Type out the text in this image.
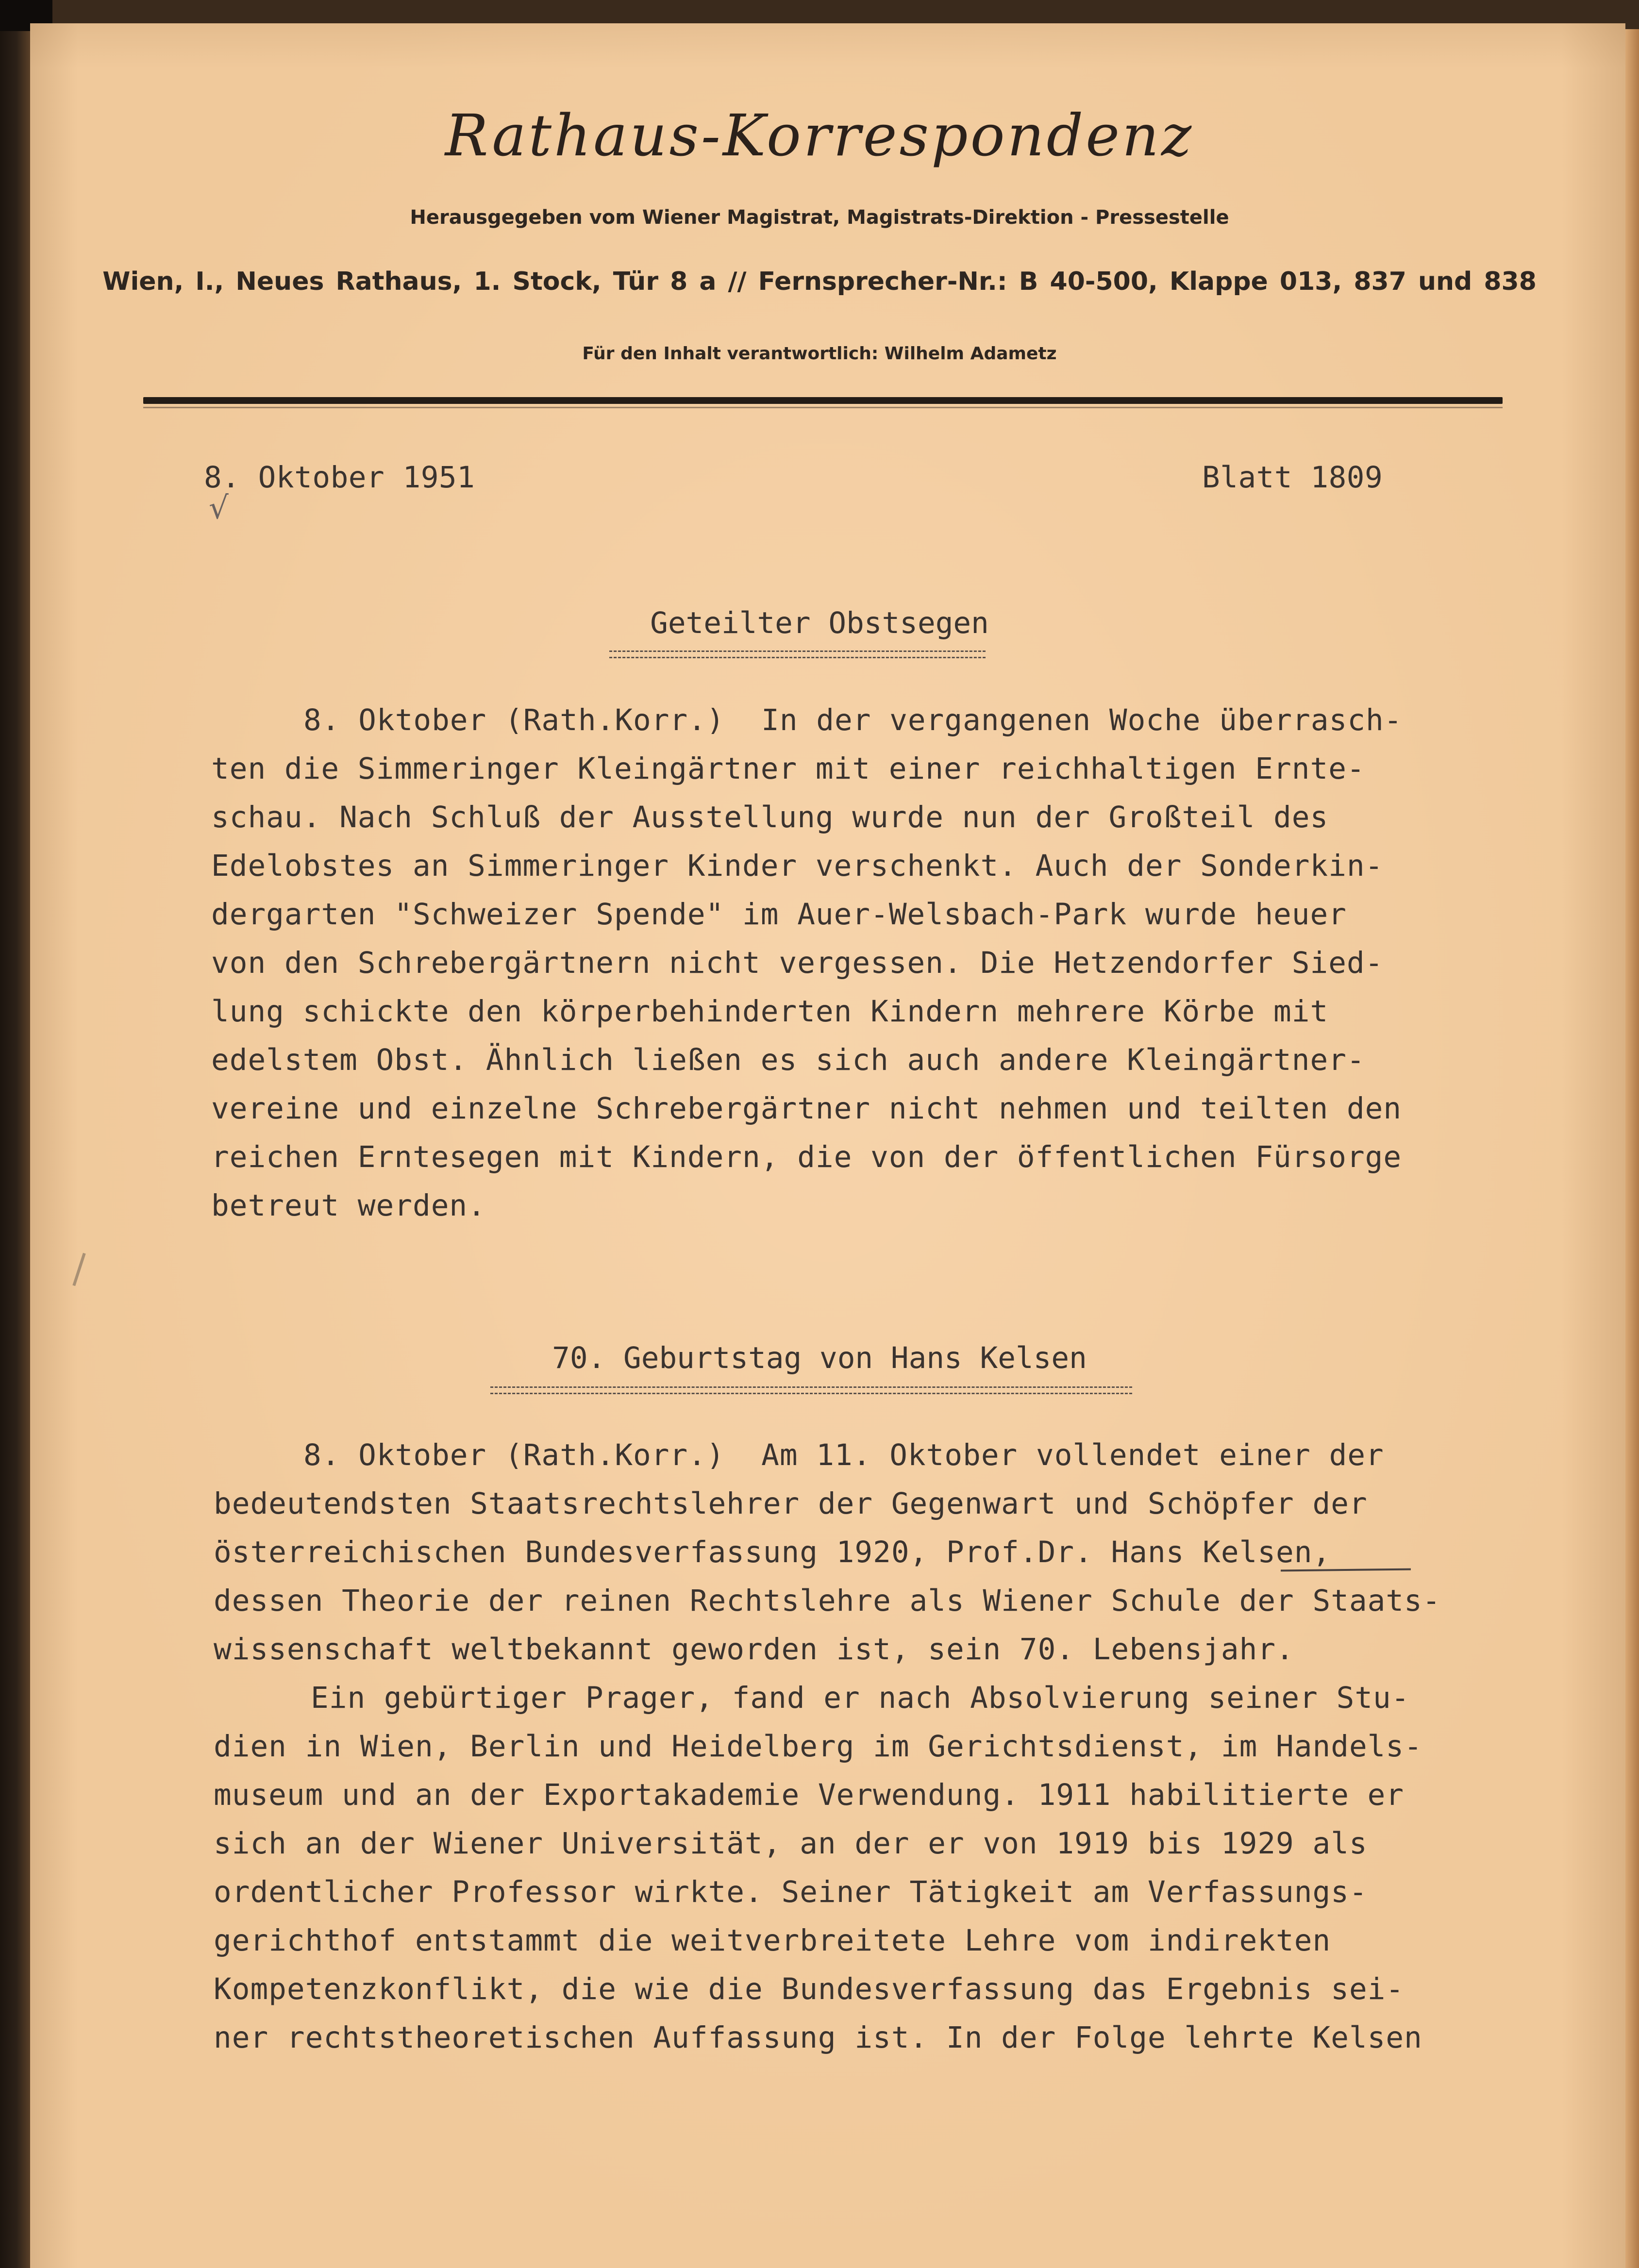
Rathaus-Korrespondenz
Herausgegeben vom Wiener Magistrat, Magistrats-Direktion - Pressestelle
Wien, I., Neues Rathaus, 1. Stock, Tür 8 a // Fernsprecher-Nr.: B 40-500, Klappe 013, 837 und 838
Für den Inhalt verantwortlich: Wilhelm Adametz
8. Oktober 1951	Blatt 1809
√
Geteilter Obstsegen
8. Oktober (Rath.Korr.)  In der vergangenen Woche überrasch-
ten die Simmeringer Kleingärtner mit einer reichhaltigen Ernte-
schau. Nach Schluß der Ausstellung wurde nun der Großteil des
Edelobstes an Simmeringer Kinder verschenkt. Auch der Sonderkin-
dergarten "Schweizer Spende" im Auer-Welsbach-Park wurde heuer
von den Schrebergärtnern nicht vergessen. Die Hetzendorfer Sied-
lung schickte den körperbehinderten Kindern mehrere Körbe mit
edelstem Obst. Ähnlich ließen es sich auch andere Kleingärtner-
vereine und einzelne Schrebergärtner nicht nehmen und teilten den
reichen Erntesegen mit Kindern, die von der öffentlichen Fürsorge
betreut werden.
70. Geburtstag von Hans Kelsen
8. Oktober (Rath.Korr.)  Am 11. Oktober vollendet einer der
bedeutendsten Staatsrechtslehrer der Gegenwart und Schöpfer der
österreichischen Bundesverfassung 1920, Prof.Dr. Hans Kelsen,
dessen Theorie der reinen Rechtslehre als Wiener Schule der Staats-
wissenschaft weltbekannt geworden ist, sein 70. Lebensjahr.
Ein gebürtiger Prager, fand er nach Absolvierung seiner Stu-
dien in Wien, Berlin und Heidelberg im Gerichtsdienst, im Handels-
museum und an der Exportakademie Verwendung. 1911 habilitierte er
sich an der Wiener Universität, an der er von 1919 bis 1929 als
ordentlicher Professor wirkte. Seiner Tätigkeit am Verfassungs-
gerichthof entstammt die weitverbreitete Lehre vom indirekten
Kompetenzkonflikt, die wie die Bundesverfassung das Ergebnis sei-
ner rechtstheoretischen Auffassung ist. In der Folge lehrte Kelsen
